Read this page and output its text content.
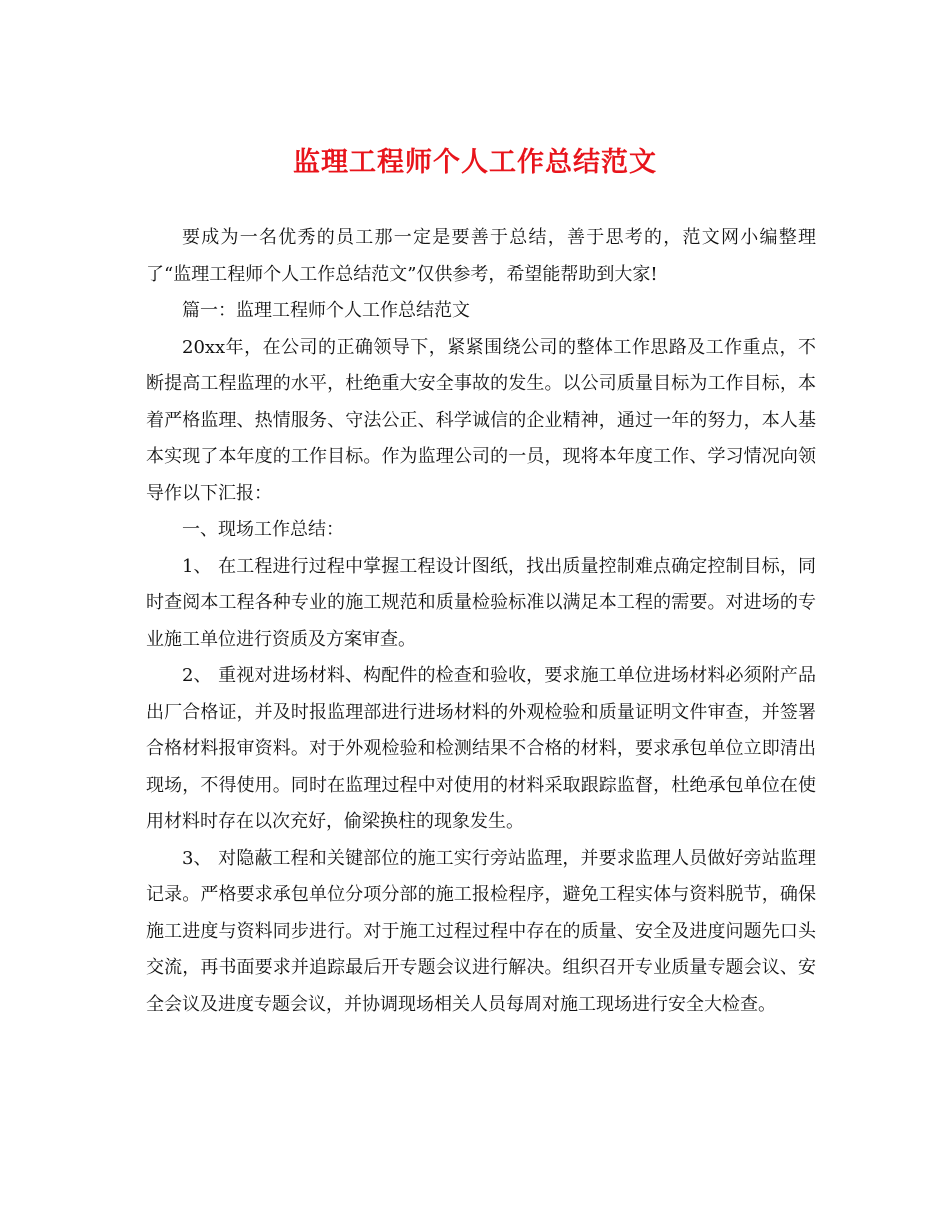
监理工程师个人工作总结范文

要成为一名优秀的员工那一定是要善于总结，善于思考的，范文网小编整理了“监理工程师个人工作总结范文”仅供参考，希望能帮助到大家!

篇一：监理工程师个人工作总结范文

20xx年，在公司的正确领导下，紧紧围绕公司的整体工作思路及工作重点，不断提高工程监理的水平，杜绝重大安全事故的发生。以公司质量目标为工作目标，本着严格监理、热情服务、守法公正、科学诚信的企业精神，通过一年的努力，本人基本实现了本年度的工作目标。作为监理公司的一员，现将本年度工作、学习情况向领导作以下汇报：

一、现场工作总结：

1、 在工程进行过程中掌握工程设计图纸，找出质量控制难点确定控制目标，同时查阅本工程各种专业的施工规范和质量检验标准以满足本工程的需要。对进场的专业施工单位进行资质及方案审查。

2、 重视对进场材料、构配件的检查和验收，要求施工单位进场材料必须附产品出厂合格证，并及时报监理部进行进场材料的外观检验和质量证明文件审查，并签署合格材料报审资料。对于外观检验和检测结果不合格的材料，要求承包单位立即清出现场，不得使用。同时在监理过程中对使用的材料采取跟踪监督，杜绝承包单位在使用材料时存在以次充好，偷梁换柱的现象发生。

3、 对隐蔽工程和关键部位的施工实行旁站监理，并要求监理人员做好旁站监理记录。严格要求承包单位分项分部的施工报检程序，避免工程实体与资料脱节，确保施工进度与资料同步进行。对于施工过程过程中存在的质量、安全及进度问题先口头交流，再书面要求并追踪最后开专题会议进行解决。组织召开专业质量专题会议、安全会议及进度专题会议，并协调现场相关人员每周对施工现场进行安全大检查。
